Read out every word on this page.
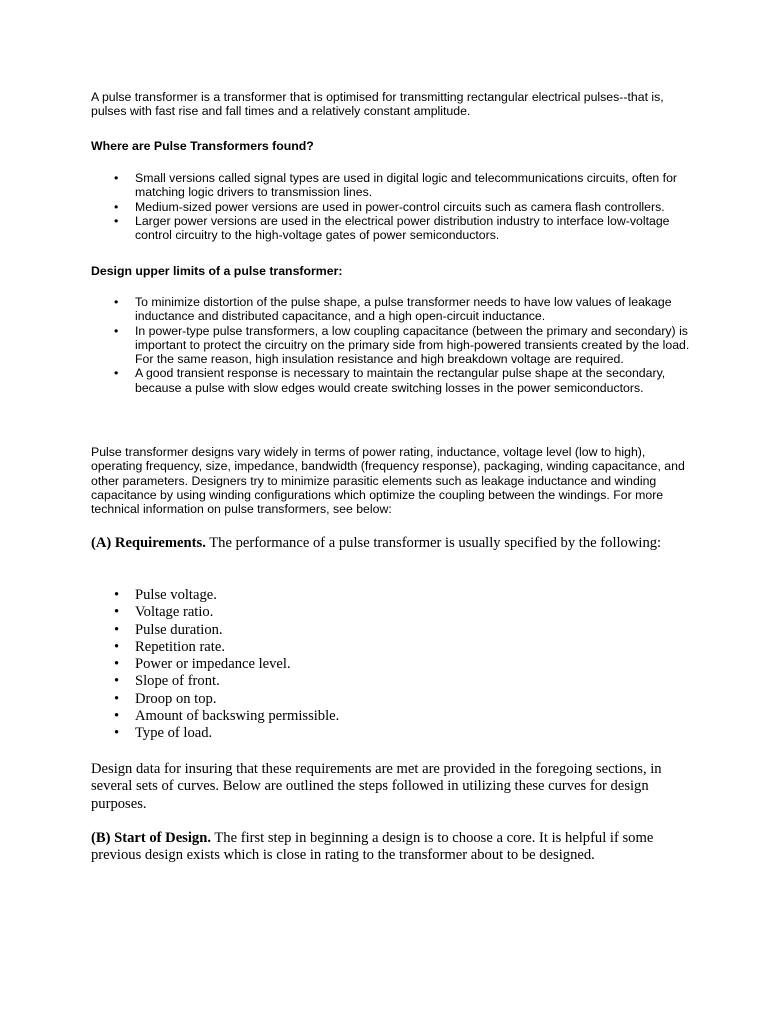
A pulse transformer is a transformer that is optimised for transmitting rectangular electrical pulses--that is, pulses with fast rise and fall times and a relatively constant amplitude.

Where are Pulse Transformers found?

• Small versions called signal types are used in digital logic and telecommunications circuits, often for matching logic drivers to transmission lines.
• Medium-sized power versions are used in power-control circuits such as camera flash controllers.
• Larger power versions are used in the electrical power distribution industry to interface low-voltage control circuitry to the high-voltage gates of power semiconductors.

Design upper limits of a pulse transformer:

• To minimize distortion of the pulse shape, a pulse transformer needs to have low values of leakage inductance and distributed capacitance, and a high open-circuit inductance.
• In power-type pulse transformers, a low coupling capacitance (between the primary and secondary) is important to protect the circuitry on the primary side from high-powered transients created by the load. For the same reason, high insulation resistance and high breakdown voltage are required.
• A good transient response is necessary to maintain the rectangular pulse shape at the secondary, because a pulse with slow edges would create switching losses in the power semiconductors.

Pulse transformer designs vary widely in terms of power rating, inductance, voltage level (low to high), operating frequency, size, impedance, bandwidth (frequency response), packaging, winding capacitance, and other parameters. Designers try to minimize parasitic elements such as leakage inductance and winding capacitance by using winding configurations which optimize the coupling between the windings. For more technical information on pulse transformers, see below:

(A) Requirements. The performance of a pulse transformer is usually specified by the following:

• Pulse voltage.
• Voltage ratio.
• Pulse duration.
• Repetition rate.
• Power or impedance level.
• Slope of front.
• Droop on top.
• Amount of backswing permissible.
• Type of load.

Design data for insuring that these requirements are met are provided in the foregoing sections, in several sets of curves. Below are outlined the steps followed in utilizing these curves for design purposes.

(B) Start of Design. The first step in beginning a design is to choose a core. It is helpful if some previous design exists which is close in rating to the transformer about to be designed.
